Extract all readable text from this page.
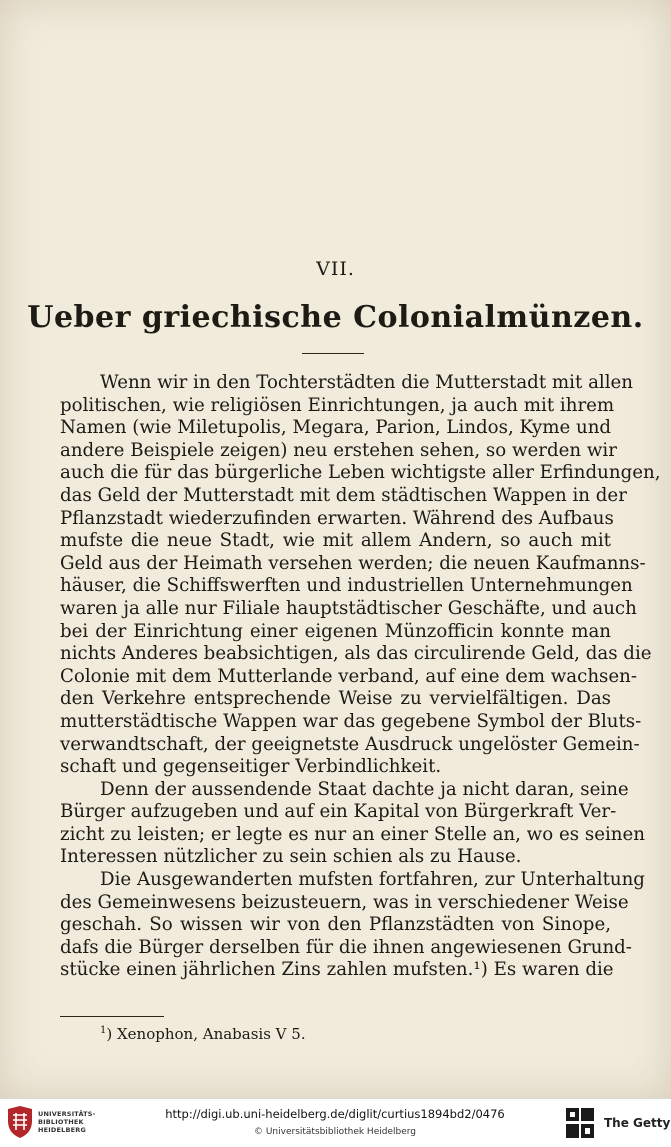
VII.
Ueber griechische Colonialmünzen.
Wenn wir in den Tochterstädten die Mutterstadt mit allen
politischen, wie religiösen Einrichtungen, ja auch mit ihrem
Namen (wie Miletupolis, Megara, Parion, Lindos, Kyme und
andere Beispiele zeigen) neu erstehen sehen, so werden wir
auch die für das bürgerliche Leben wichtigste aller Erfindungen,
das Geld der Mutterstadt mit dem städtischen Wappen in der
Pflanzstadt wiederzufinden erwarten. Während des Aufbaus
mufste die neue Stadt, wie mit allem Andern, so auch mit
Geld aus der Heimath versehen werden; die neuen Kaufmanns-
häuser, die Schiffswerften und industriellen Unternehmungen
waren ja alle nur Filiale hauptstädtischer Geschäfte, und auch
bei der Einrichtung einer eigenen Münzofficin konnte man
nichts Anderes beabsichtigen, als das circulirende Geld, das die
Colonie mit dem Mutterlande verband, auf eine dem wachsen-
den Verkehre entsprechende Weise zu vervielfältigen. Das
mutterstädtische Wappen war das gegebene Symbol der Bluts-
verwandtschaft, der geeignetste Ausdruck ungelöster Gemein-
schaft und gegenseitiger Verbindlichkeit.
Denn der aussendende Staat dachte ja nicht daran, seine
Bürger aufzugeben und auf ein Kapital von Bürgerkraft Ver-
zicht zu leisten; er legte es nur an einer Stelle an, wo es seinen
Interessen nützlicher zu sein schien als zu Hause.
Die Ausgewanderten mufsten fortfahren, zur Unterhaltung
des Gemeinwesens beizusteuern, was in verschiedener Weise
geschah. So wissen wir von den Pflanzstädten von Sinope,
dafs die Bürger derselben für die ihnen angewiesenen Grund-
stücke einen jährlichen Zins zahlen mufsten.¹) Es waren die
$^1$) Xenophon, Anabasis V 5.
UNIVERSITÄTS-
BIBLIOTHEK
HEIDELBERG
http://digi.ub.uni-heidelberg.de/diglit/curtius1894bd2/0476
© Universitätsbibliothek Heidelberg
The Getty
